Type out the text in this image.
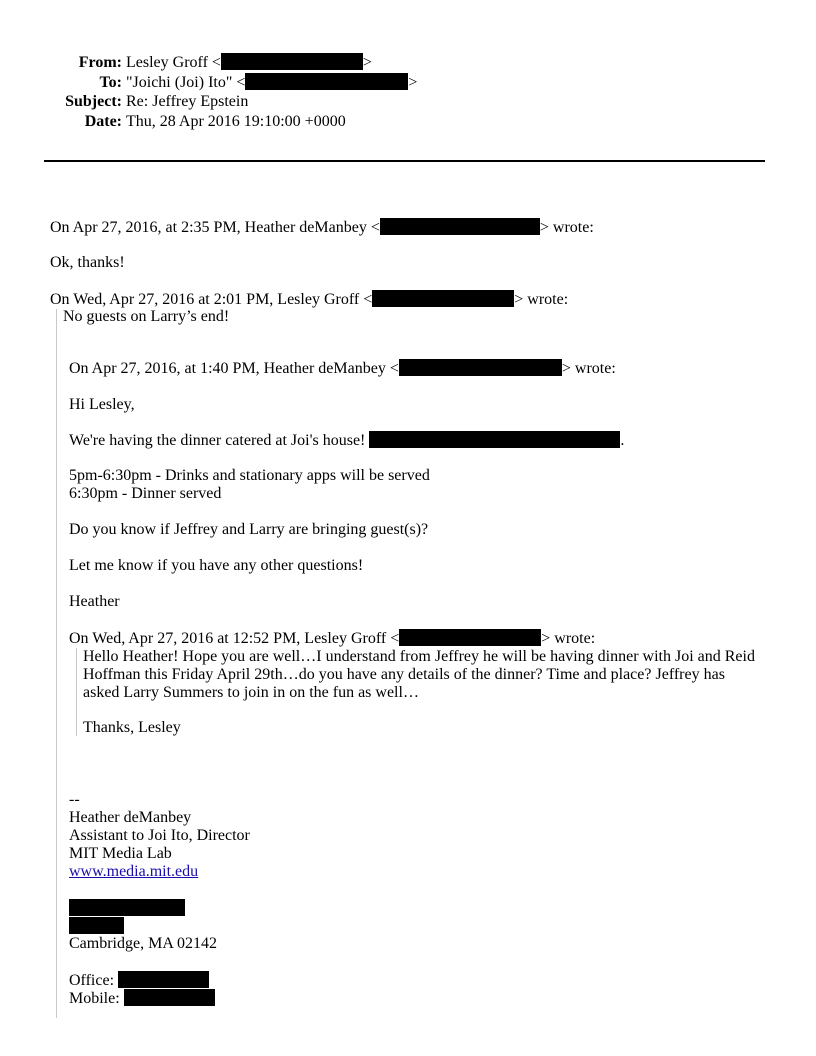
From: Lesley Groff <	>
To: "Joichi (Joi) Ito" <	>
Subject: Re: Jeffrey Epstein
Date: Thu, 28 Apr 2016 19:10:00 +0000
On Apr 27, 2016, at 2:35 PM, Heather deManbey <	> wrote:
Ok, thanks!
On Wed, Apr 27, 2016 at 2:01 PM, Lesley Groff <	> wrote:
No guests on Larry’s end!
On Apr 27, 2016, at 1:40 PM, Heather deManbey <	> wrote:
Hi Lesley,
We're having the dinner catered at Joi's house!	.
5pm-6:30pm - Drinks and stationary apps will be served
6:30pm - Dinner served
Do you know if Jeffrey and Larry are bringing guest(s)?
Let me know if you have any other questions!
Heather
On Wed, Apr 27, 2016 at 12:52 PM, Lesley Groff <	> wrote:
Hello Heather! Hope you are well…I understand from Jeffrey he will be having dinner with Joi and Reid
Hoffman this Friday April 29th…do you have any details of the dinner? Time and place? Jeffrey has
asked Larry Summers to join in on the fun as well…
Thanks, Lesley
--
Heather deManbey
Assistant to Joi Ito, Director
MIT Media Lab
www.media.mit.edu
Cambridge, MA 02142
Office:
Mobile:
